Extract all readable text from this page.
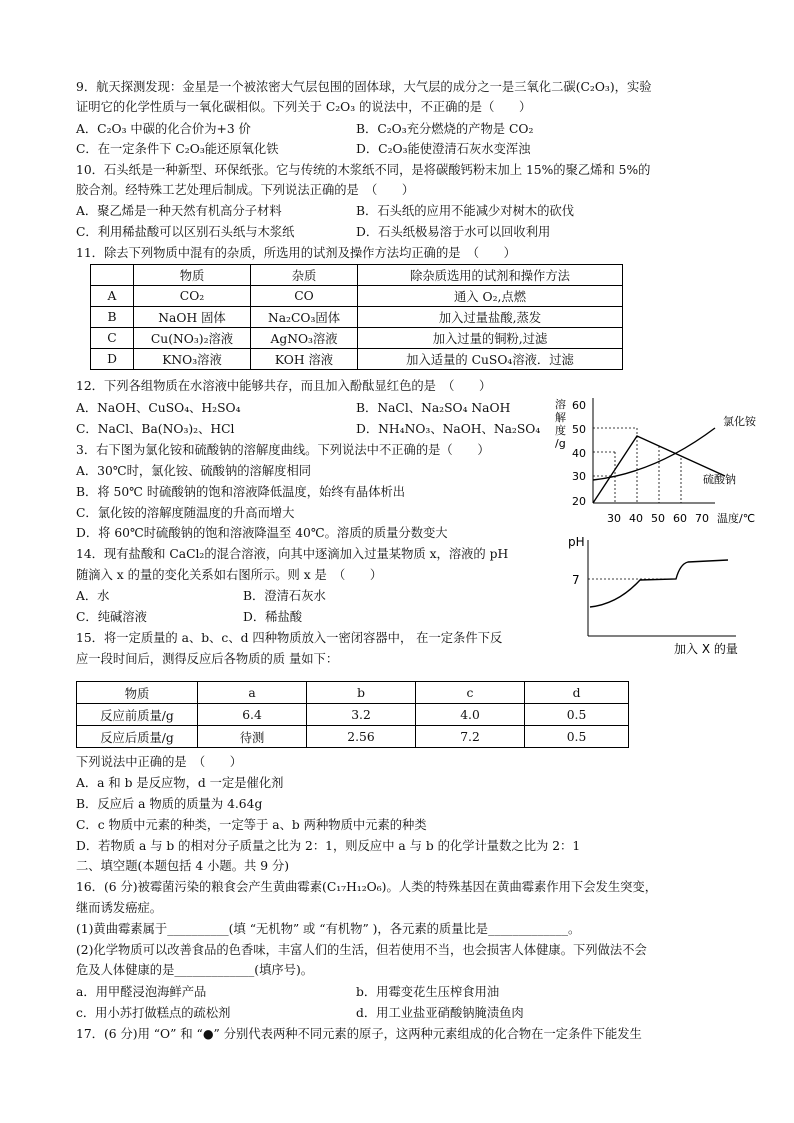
9．航天探测发现：金星是一个被浓密大气层包围的固体球，大气层的成分之一是三氧化二碳(C₂O₃)，实验
证明它的化学性质与一氧化碳相似。下列关于 C₂O₃ 的说法中，不正确的是（　　）
A．C₂O₃ 中碳的化合价为+3 价	B．C₂O₃充分燃烧的产物是 CO₂
C．在一定条件下 C₂O₃能还原氧化铁	D．C₂O₃能使澄清石灰水变浑浊
10．石头纸是一种新型、环保纸张。它与传统的木浆纸不同，是将碳酸钙粉末加上 15%的聚乙烯和 5%的
胶合剂。经特殊工艺处理后制成。下列说法正确的是　（　　）
A．聚乙烯是一种天然有机高分子材料	B．石头纸的应用不能减少对树木的砍伐
C．利用稀盐酸可以区别石头纸与木浆纸	D．石头纸极易溶于水可以回收利用
11．除去下列物质中混有的杂质，所选用的试剂及操作方法均正确的是　（　　）
	物质	杂质	除杂质选用的试剂和操作方法
A	CO₂	CO	通入 O₂,点燃
B	NaOH 固体	Na₂CO₃固体	加入过量盐酸,蒸发
C	Cu(NO₃)₂溶液	AgNO₃溶液	加入过量的铜粉,过滤
D	KNO₃溶液	KOH 溶液	加入适量的 CuSO₄溶液．过滤
12．下列各组物质在水溶液中能够共存，而且加入酚酞显红色的是　（　　）
A．NaOH、CuSO₄、H₂SO₄	B．NaCl、Na₂SO₄ NaOH
C．NaCl、Ba(NO₃)₂、HCl	D．NH₄NO₃、NaOH、Na₂SO₄
3．右下图为氯化铵和硫酸钠的溶解度曲线。下列说法中不正确的是（　　）
A．30℃时，氯化铵、硫酸钠的溶解度相同
B．将 50℃ 时硫酸钠的饱和溶液降低温度，始终有晶体析出
C．氯化铵的溶解度随温度的升高而增大
D．将 60℃时硫酸钠的饱和溶液降温至 40℃。溶质的质量分数变大
溶
解
度
/g
60
50
40
30
20
30 40 50 60 70 温度/℃
氯化铵
硫酸钠
14．现有盐酸和 CaCl₂的混合溶液，向其中逐滴加入过量某物质 x，溶液的 pH
随滴入 x 的量的变化关系如右图所示。则 x 是　（　　）
A．水	B．澄清石灰水
C．纯碱溶液	D．稀盐酸
pH
7
加入 X 的量
15．将一定质量的 a、b、c、d 四种物质放入一密闭容器中， 在一定条件下反
应一段时间后，测得反应后各物质的质 量如下：
物质	a	b	c	d
反应前质量/g	6.4	3.2	4.0	0.5
反应后质量/g	待测	2.56	7.2	0.5
下列说法中正确的是　（　　）
A．a 和 b 是反应物，d 一定是催化剂
B．反应后 a 物质的质量为 4.64g
C．c 物质中元素的种类，一定等于 a、b 两种物质中元素的种类
D．若物质 a 与 b 的相对分子质量之比为 2：1，则反应中 a 与 b 的化学计量数之比为 2：1
二、填空题(本题包括 4 小题。共 9 分)
16．(6 分)被霉菌污染的粮食会产生黄曲霉素(C₁₇H₁₂O₆)。人类的特殊基因在黄曲霉素作用下会发生突变，
继而诱发癌症。
(1)黄曲霉素属于__________(填 “无机物” 或 “有机物” )，各元素的质量比是_____________。
(2)化学物质可以改善食品的色香味，丰富人们的生活，但若使用不当，也会损害人体健康。下列做法不会
危及人体健康的是_____________(填序号)。
a．用甲醛浸泡海鲜产品	b．用霉变花生压榨食用油
c．用小苏打做糕点的疏松剂	d．用工业盐亚硝酸钠腌渍鱼肉
17．(6 分)用 “O” 和 “●” 分别代表两种不同元素的原子，这两种元素组成的化合物在一定条件下能发生
